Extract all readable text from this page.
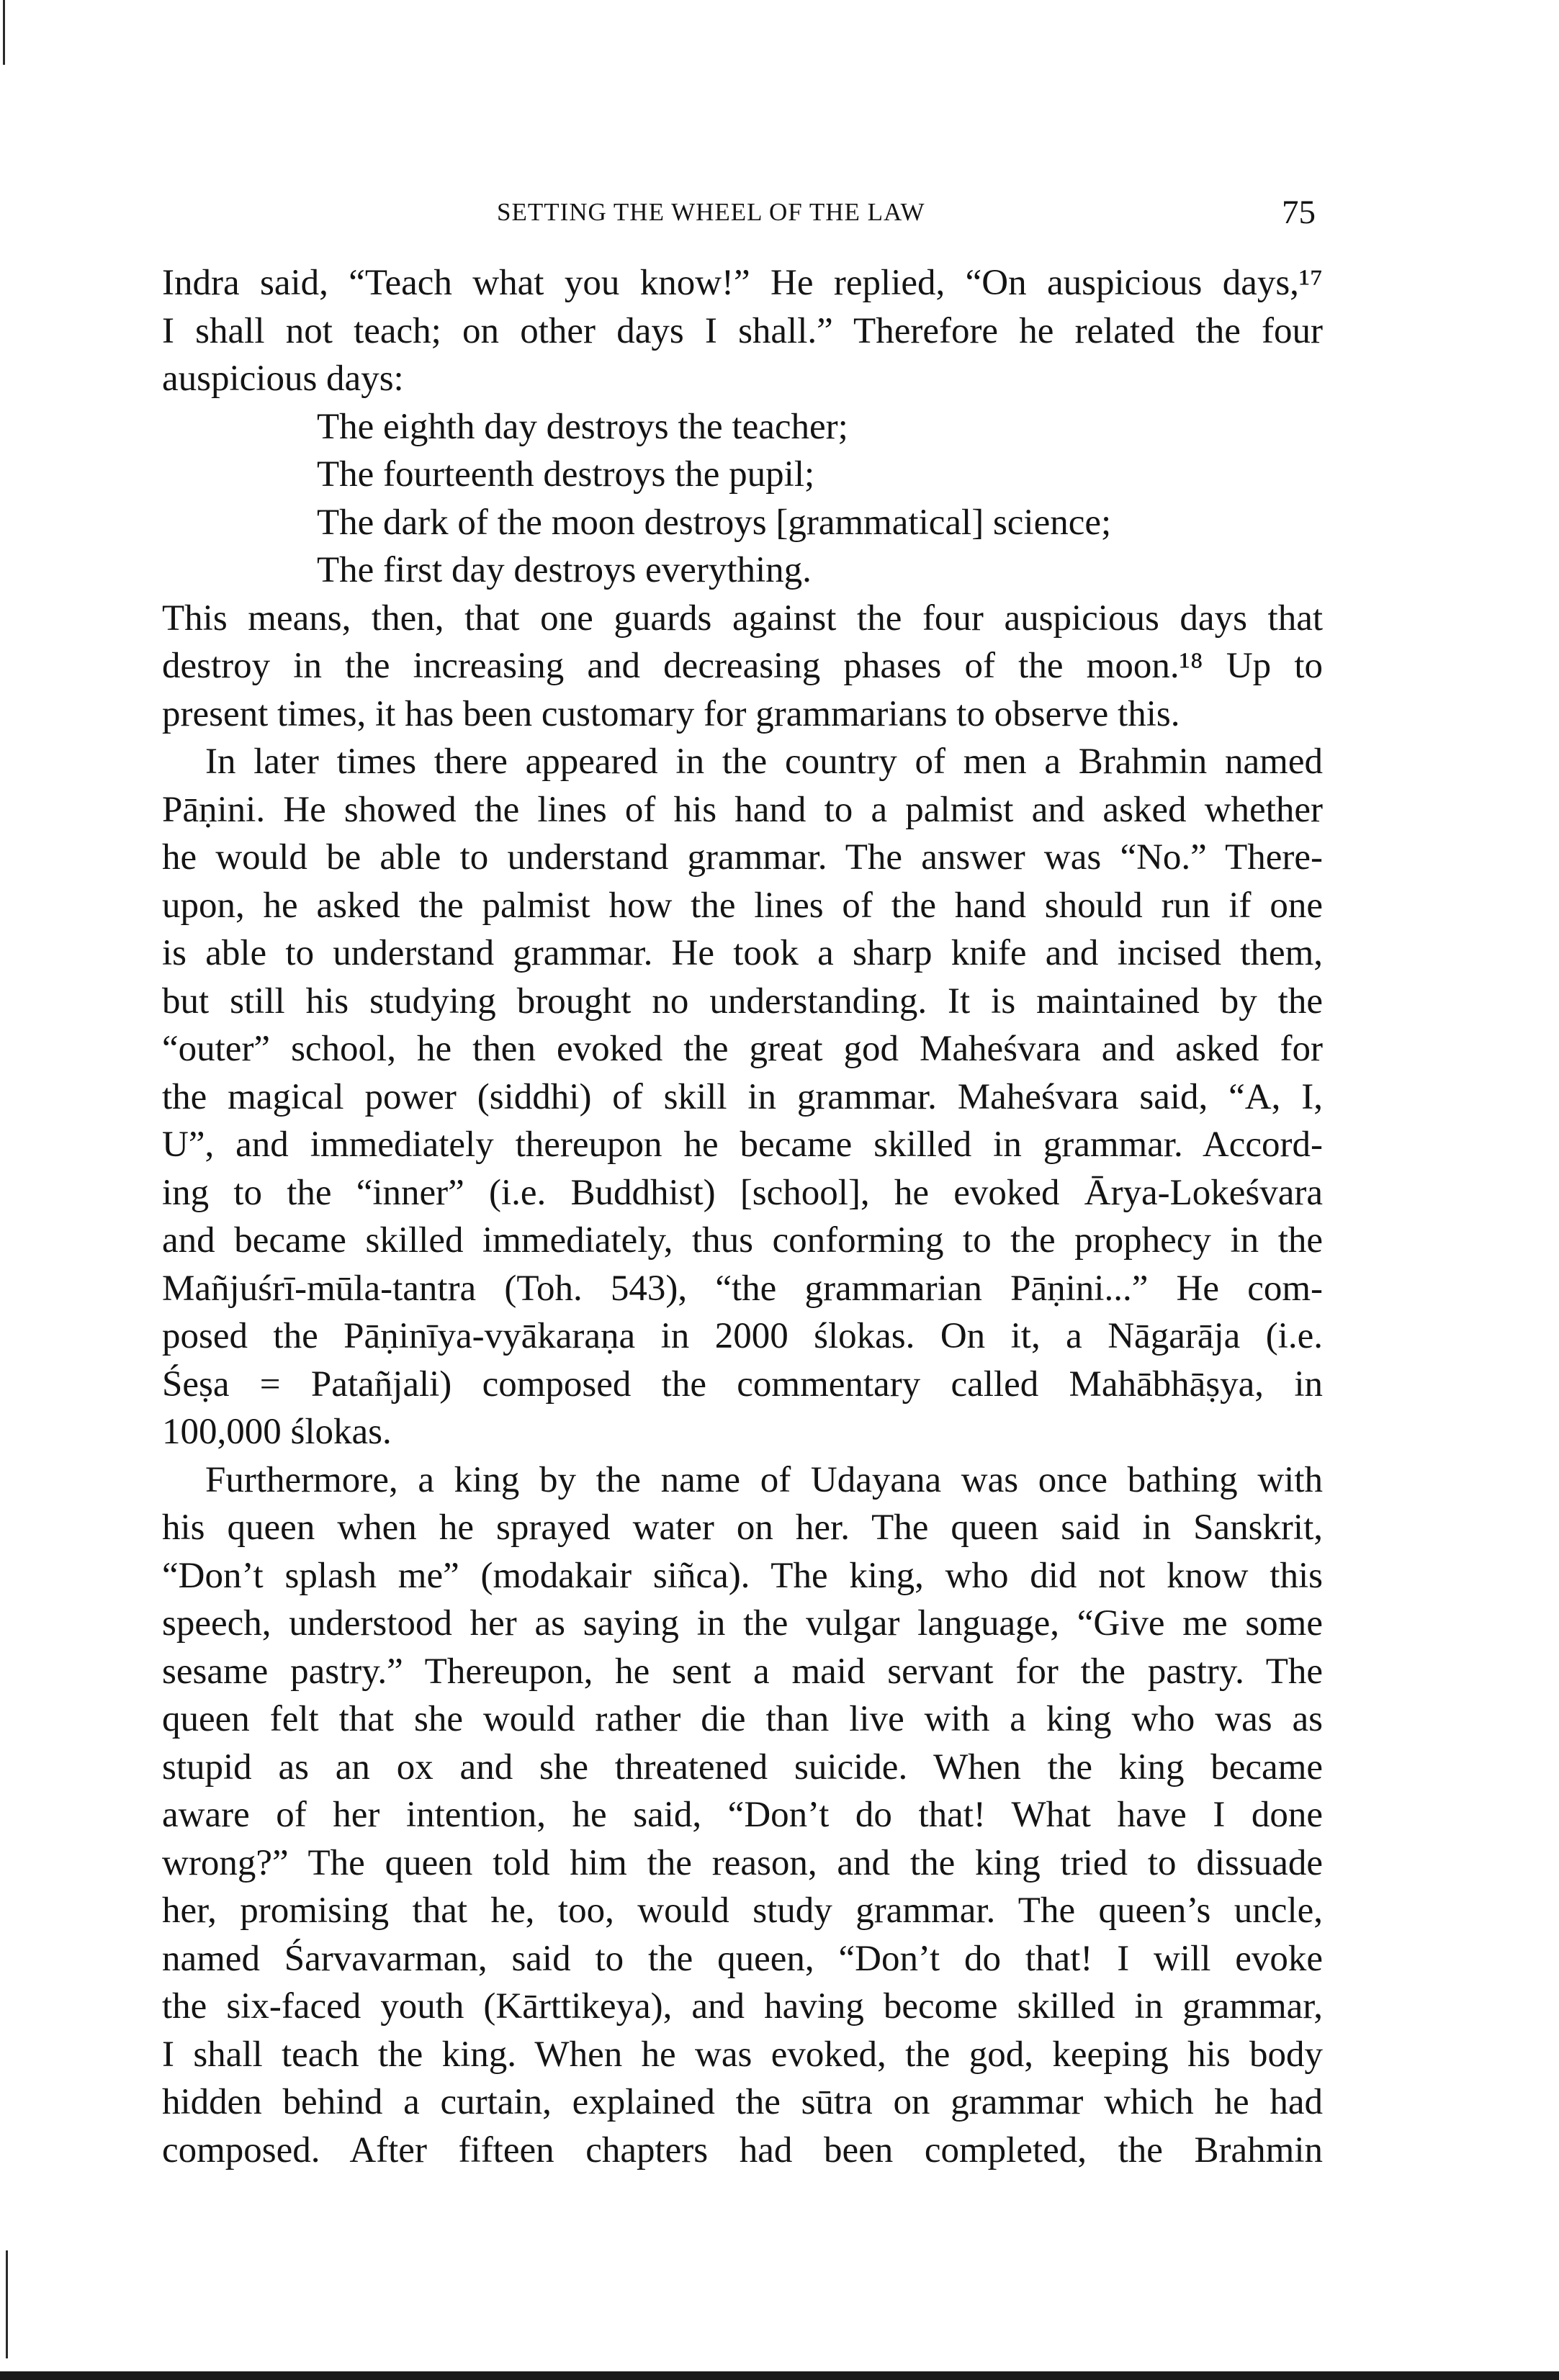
SETTING THE WHEEL OF THE LAW	75

Indra said, “Teach what you know!” He replied, “On auspicious days,¹⁷
I shall not teach; on other days I shall.” Therefore he related the four
auspicious days:

The eighth day destroys the teacher;
The fourteenth destroys the pupil;
The dark of the moon destroys [grammatical] science;
The first day destroys everything.

This means, then, that one guards against the four auspicious days that
destroy in the increasing and decreasing phases of the moon.¹⁸ Up to
present times, it has been customary for grammarians to observe this.

In later times there appeared in the country of men a Brahmin named
Pāṇini. He showed the lines of his hand to a palmist and asked whether
he would be able to understand grammar. The answer was “No.” There-
upon, he asked the palmist how the lines of the hand should run if one
is able to understand grammar. He took a sharp knife and incised them,
but still his studying brought no understanding. It is maintained by the
“outer” school, he then evoked the great god Maheśvara and asked for
the magical power (siddhi) of skill in grammar. Maheśvara said, “A, I,
U”, and immediately thereupon he became skilled in grammar. Accord-
ing to the “inner” (i.e. Buddhist) [school], he evoked Ārya-Lokeśvara
and became skilled immediately, thus conforming to the prophecy in the
Mañjuśrī-mūla-tantra (Toh. 543), “the grammarian Pāṇini...” He com-
posed the Pāṇinīya-vyākaraṇa in 2000 ślokas. On it, a Nāgarāja (i.e.
Śeṣa = Patañjali) composed the commentary called Mahābhāṣya, in
100,000 ślokas.

Furthermore, a king by the name of Udayana was once bathing with
his queen when he sprayed water on her. The queen said in Sanskrit,
“Don’t splash me” (modakair siñca). The king, who did not know this
speech, understood her as saying in the vulgar language, “Give me some
sesame pastry.” Thereupon, he sent a maid servant for the pastry. The
queen felt that she would rather die than live with a king who was as
stupid as an ox and she threatened suicide. When the king became
aware of her intention, he said, “Don’t do that! What have I done
wrong?” The queen told him the reason, and the king tried to dissuade
her, promising that he, too, would study grammar. The queen’s uncle,
named Śarvavarman, said to the queen, “Don’t do that! I will evoke
the six-faced youth (Kārttikeya), and having become skilled in grammar,
I shall teach the king. When he was evoked, the god, keeping his body
hidden behind a curtain, explained the sūtra on grammar which he had
composed. After fifteen chapters had been completed, the Brahmin
